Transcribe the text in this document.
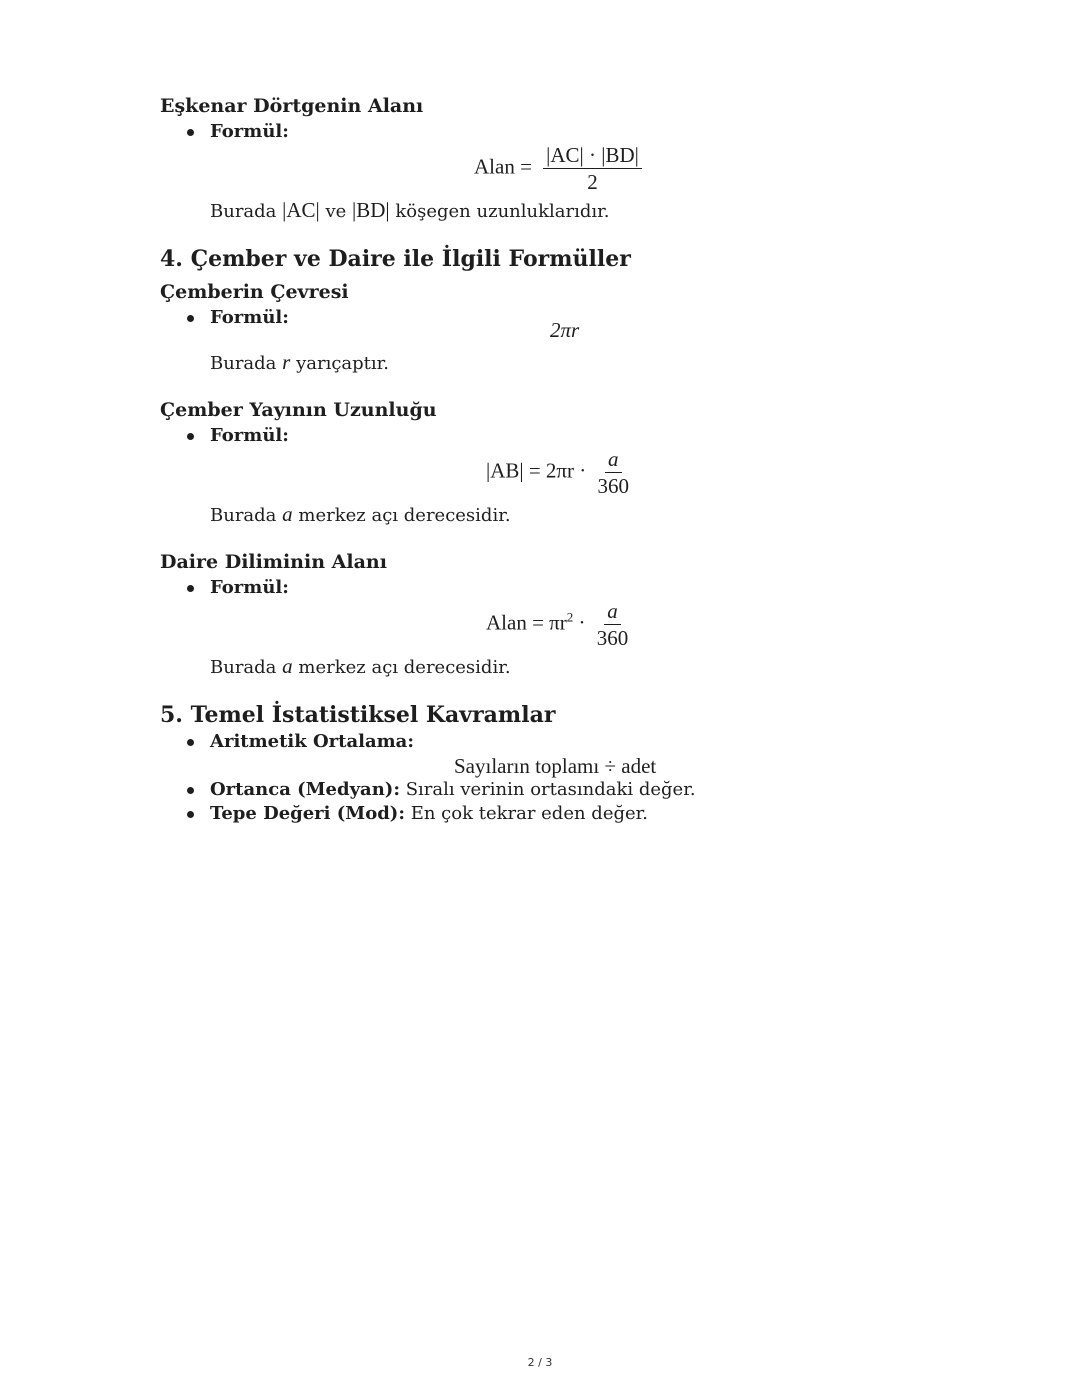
Eşkenar Dörtgenin Alanı
Formül:
Alan = $\frac{|AC| \cdot |BD|}{2}$
Burada |AC| ve |BD| köşegen uzunluklarıdır.
4. Çember ve Daire ile İlgili Formüller
Çemberin Çevresi
Formül:
2πr
Burada r yarıçaptır.
Çember Yayının Uzunluğu
Formül:
$|AB| = 2\pi r \cdot \frac{a}{360}$
Burada a merkez açı derecesidir.
Daire Diliminin Alanı
Formül:
Alan = $\pi r^2 \cdot \frac{a}{360}$
Burada a merkez açı derecesidir.
5. Temel İstatistiksel Kavramlar
Aritmetik Ortalama:
Sayıların toplamı ÷ adet
Ortanca (Medyan): Sıralı verinin ortasındaki değer.
Tepe Değeri (Mod): En çok tekrar eden değer.
2 / 3
